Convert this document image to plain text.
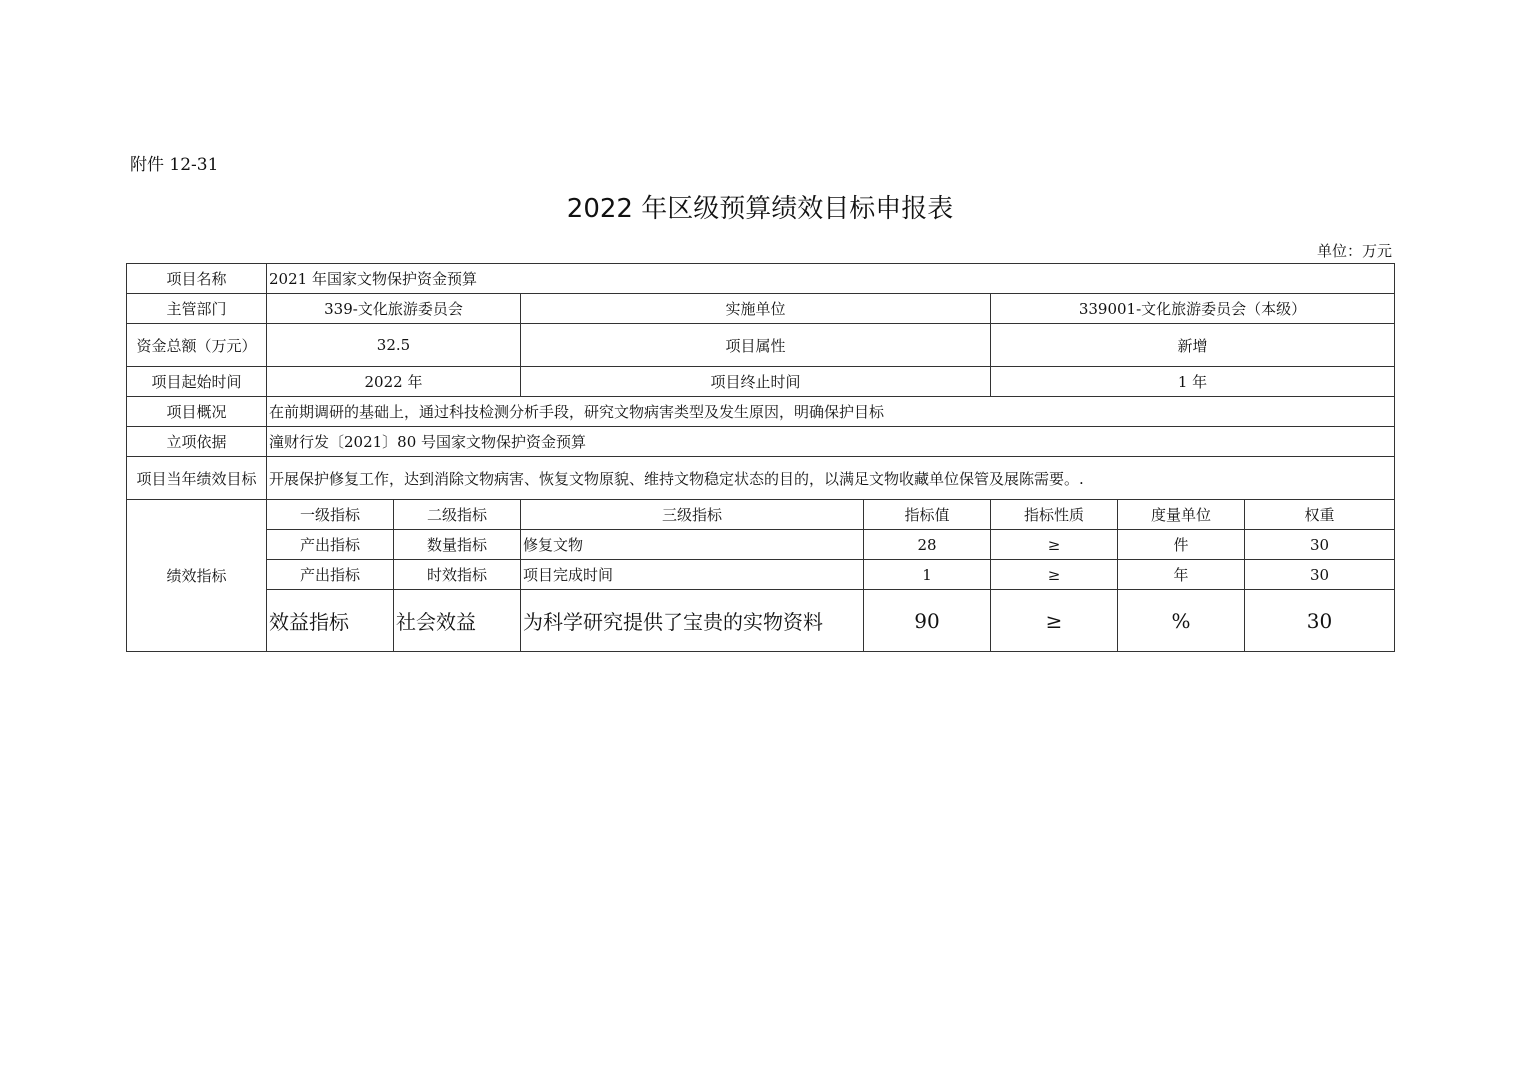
附件 12-31
2022 年区级预算绩效目标申报表
单位：万元
项目名称	2021 年国家文物保护资金预算						
主管部门	339-文化旅游委员会		实施单位		339001-文化旅游委员会（本级）		
资金总额（万元）	32.5		项目属性		新增		
项目起始时间	2022 年		项目终止时间		1 年		
项目概况	在前期调研的基础上，通过科技检测分析手段，研究文物病害类型及发生原因，明确保护目标						
立项依据	潼财行发〔2021〕80 号国家文物保护资金预算						
项目当年绩效目标	开展保护修复工作，达到消除文物病害、恢复文物原貌、维持文物稳定状态的目的，以满足文物收藏单位保管及展陈需要。.						
绩效指标	一级指标	二级指标	三级指标	指标值	指标性质	度量单位	权重
	产出指标	数量指标	修复文物	28	≥	件	30
	产出指标	时效指标	项目完成时间	1	≥	年	30
	效益指标	社会效益	为科学研究提供了宝贵的实物资料	90	≥	%	30
